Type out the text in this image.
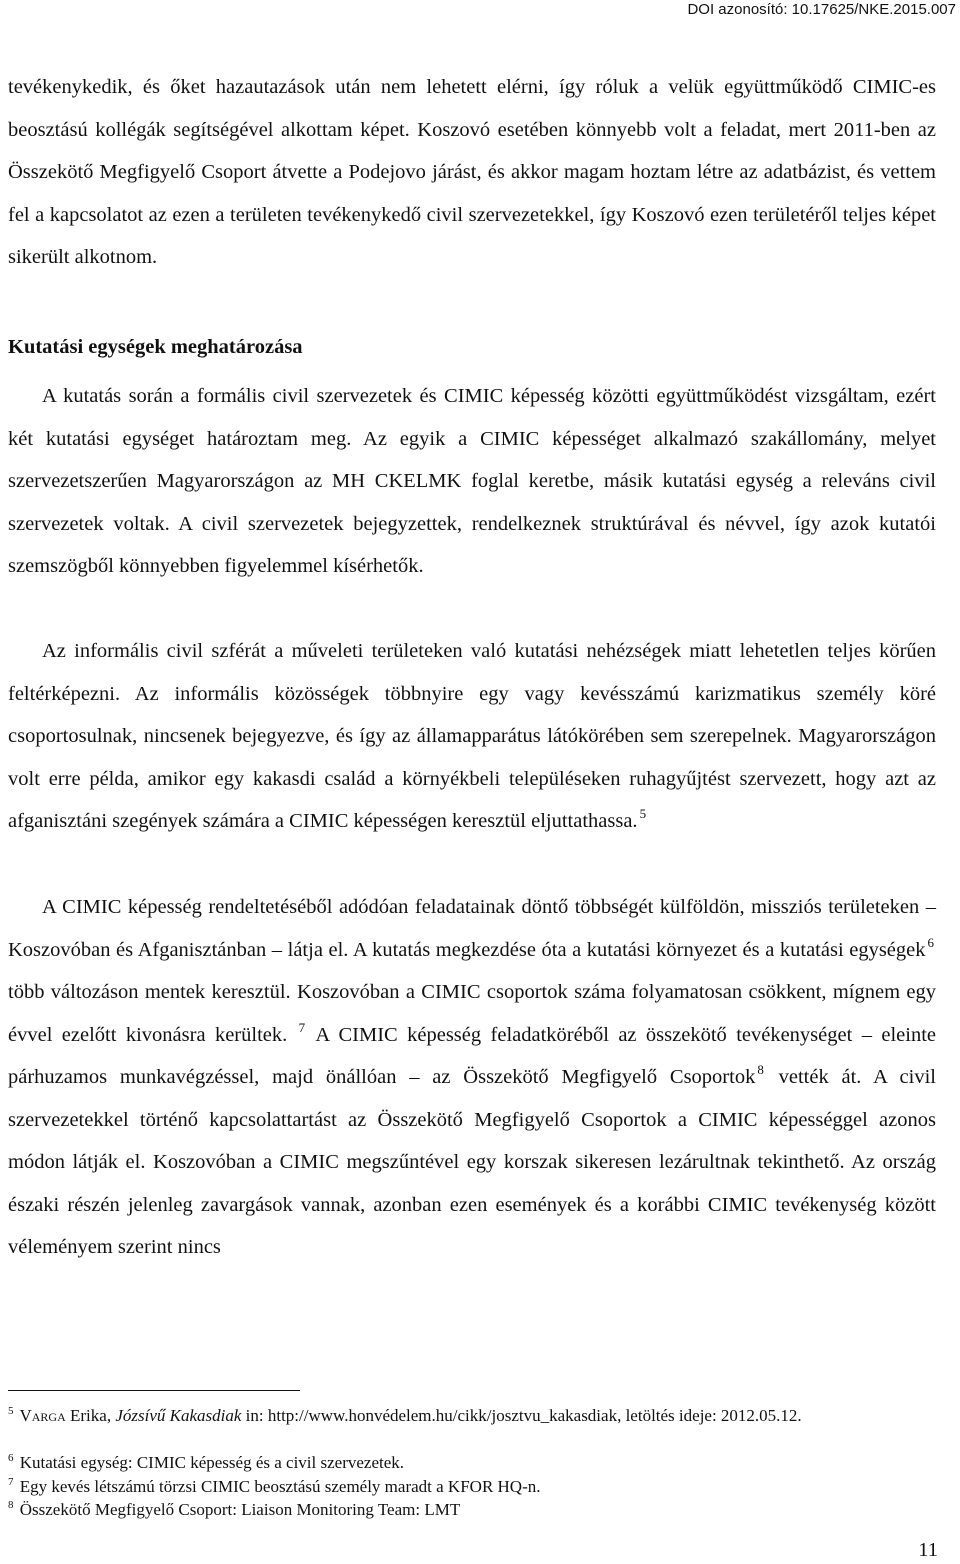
DOI azonosító: 10.17625/NKE.2015.007

tevékenykedik, és őket hazautazások után nem lehetett elérni, így róluk a velük együttműködő CIMIC-es beosztású kollégák segítségével alkottam képet. Koszovó esetében könnyebb volt a feladat, mert 2011-ben az Összekötő Megfigyelő Csoport átvette a Podejovo járást, és akkor magam hoztam létre az adatbázist, és vettem fel a kapcsolatot az ezen a területen tevékenykedő civil szervezetekkel, így Koszovó ezen területéről teljes képet sikerült alkotnom.

Kutatási egységek meghatározása

A kutatás során a formális civil szervezetek és CIMIC képesség közötti együttműködést vizsgáltam, ezért két kutatási egységet határoztam meg. Az egyik a CIMIC képességet alkalmazó szakállomány, melyet szervezetszerűen Magyarországon az MH CKELMK foglal keretbe, másik kutatási egység a releváns civil szervezetek voltak. A civil szervezetek bejegyzettek, rendelkeznek struktúrával és névvel, így azok kutatói szemszögből könnyebben figyelemmel kísérhetők.

Az informális civil szférát a műveleti területeken való kutatási nehézségek miatt lehetetlen teljes körűen feltérképezni. Az informális közösségek többnyire egy vagy kevésszámú karizmatikus személy köré csoportosulnak, nincsenek bejegyezve, és így az államapparátus látókörében sem szerepelnek. Magyarországon volt erre példa, amikor egy kakasdi család a környékbeli településeken ruhagyűjtést szervezett, hogy azt az afganisztáni szegények számára a CIMIC képességen keresztül eljuttathassa. $^5$

A CIMIC képesség rendeltetéséből adódóan feladatainak döntő többségét külföldön, missziós területeken – Koszovóban és Afganisztánban – látja el. A kutatás megkezdése óta a kutatási környezet és a kutatási egységek $^6$ több változáson mentek keresztül. Koszovóban a CIMIC csoportok száma folyamatosan csökkent, mígnem egy évvel ezelőtt kivonásra kerültek. $^7$ A CIMIC képesség feladatköréből az összekötő tevékenységet – eleinte párhuzamos munkavégzéssel, majd önállóan – az Összekötő Megfigyelő Csoportok $^8$ vették át. A civil szervezetekkel történő kapcsolattartást az Összekötő Megfigyelő Csoportok a CIMIC képességgel azonos módon látják el. Koszovóban a CIMIC megszűntével egy korszak sikeresen lezárultnak tekinthető. Az ország északi részén jelenleg zavargások vannak, azonban ezen események és a korábbi CIMIC tevékenység között véleményem szerint nincs

$^5$ Varga Erika, Józsívű Kakasdiak in: http://www.honvédelem.hu/cikk/josztvu_kakasdiak, letöltés ideje: 2012.05.12.

$^6$ Kutatási egység: CIMIC képesség és a civil szervezetek.

$^7$ Egy kevés létszámú törzsi CIMIC beosztású személy maradt a KFOR HQ-n.

$^8$ Összekötő Megfigyelő Csoport: Liaison Monitoring Team: LMT

11
